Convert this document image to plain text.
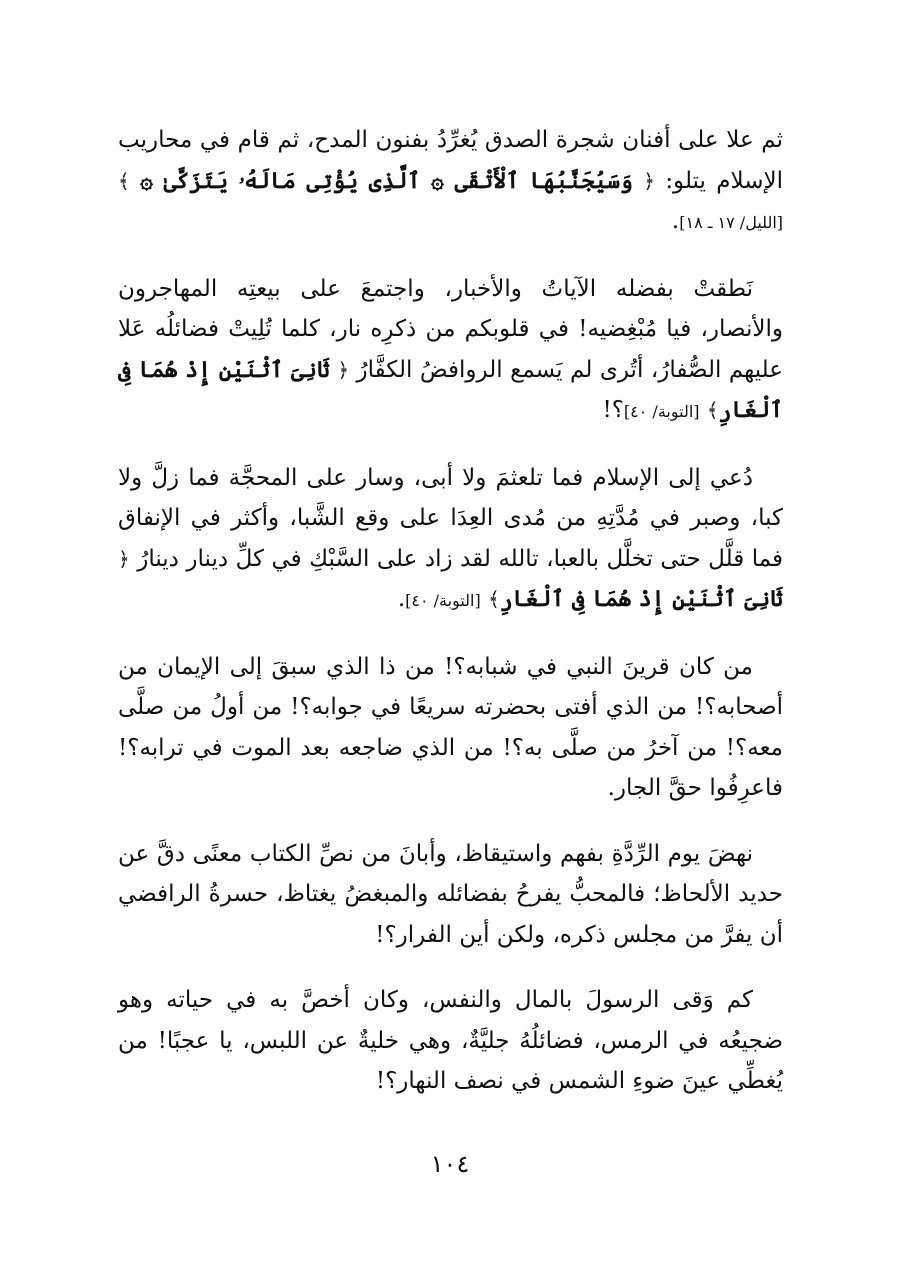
ثم علا على أفنان شجرة الصدق يُغرِّدُ بفنون المدح، ثم قام في محاريب الإسلام يتلو: ﴿ وَسَيُجَنَّبُهَا ٱلْأَتْقَى ۞ ٱلَّذِى يُؤْتِى مَالَهُۥ يَتَزَكَّىٰ ۞ ﴾ [الليل/ ١٧ ـ ١٨].

نَطقتْ بفضله الآياتُ والأخبار، واجتمعَ على بيعتِه المهاجرون والأنصار، فيا مُبْغِضيه! في قلوبكم من ذكرِه نار، كلما تُلِيتْ فضائلُه عَلا عليهم الصُّفارُ، أتُرى لم يَسمع الروافضُ الكفَّارُ ﴿ ثَانِىَ ٱثْنَيْنِ إِذْ هُمَا فِى ٱلْغَارِ﴾ [التوبة/ ٤٠]؟!

دُعي إلى الإسلام فما تلعثمَ ولا أبى، وسار على المحجَّة فما زلَّ ولا كبا، وصبر في مُدَّتِهِ من مُدى العِدَا على وقع الشَّبا، وأكثر في الإنفاق فما قلَّل حتى تخلَّل بالعبا، تالله لقد زاد على السَّبْكِ في كلِّ دينار دينارُ ﴿ ثَانِىَ ٱثْنَيْنِ إِذْ هُمَا فِى ٱلْغَارِ﴾ [التوبة/ ٤٠].

من كان قرينَ النبي في شبابه؟! من ذا الذي سبقَ إلى الإيمان من أصحابه؟! من الذي أفتى بحضرته سريعًا في جوابه؟! من أولُ من صلَّى معه؟! من آخرُ من صلَّى به؟! من الذي ضاجعه بعد الموت في ترابه؟! فاعرِفُوا حقَّ الجار.

نهضَ يوم الرِّدَّةِ بفهم واستيقاظ، وأبانَ من نصِّ الكتاب معنًى دقَّ عن حديد الألحاظ؛ فالمحبُّ يفرحُ بفضائله والمبغضُ يغتاظ، حسرةُ الرافضي أن يفرَّ من مجلس ذكره، ولكن أين الفرار؟!

كم وَقى الرسولَ بالمال والنفس، وكان أخصَّ به في حياته وهو ضجيعُه في الرمس، فضائلُهُ جليَّةٌ، وهي خليةٌ عن اللبس، يا عجبًا! من يُغطِّي عينَ ضوءِ الشمس في نصف النهار؟!

١٠٤
